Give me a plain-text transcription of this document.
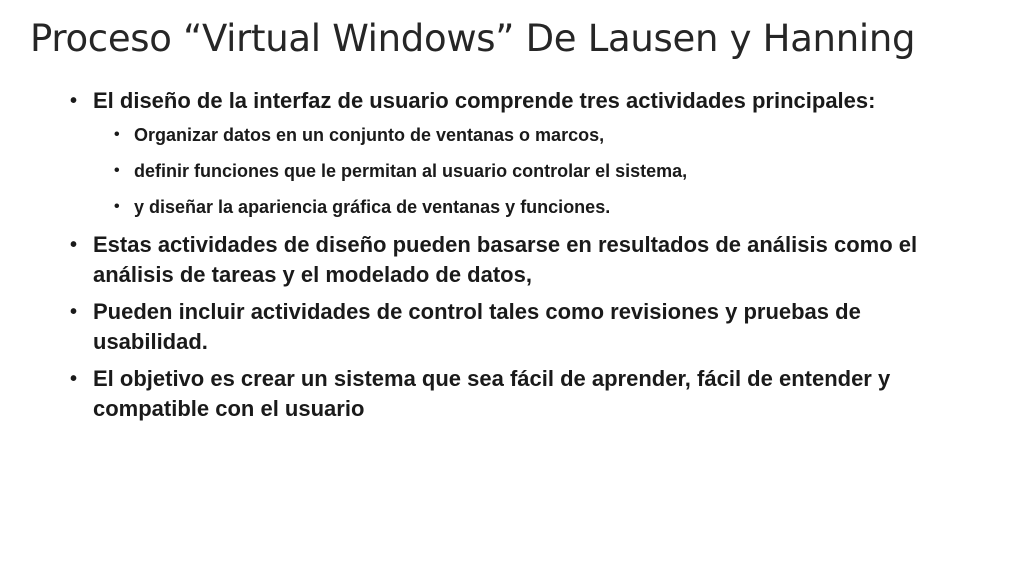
Proceso “Virtual Windows” De Lausen y Hanning
• El diseño de la interfaz de usuario comprende tres actividades principales:
• Organizar datos en un conjunto de ventanas o marcos,
• definir funciones que le permitan al usuario controlar el sistema,
• y diseñar la apariencia gráfica de ventanas y funciones.
• Estas actividades de diseño pueden basarse en resultados de análisis como el análisis de tareas y el modelado de datos,
• Pueden incluir actividades de control tales como revisiones y pruebas de usabilidad.
• El objetivo es crear un sistema que sea fácil de aprender, fácil de entender y compatible con el usuario
